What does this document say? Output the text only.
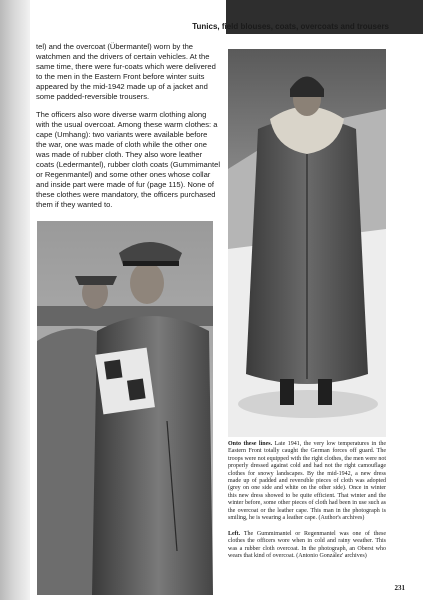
Tunics, field blouses, coats, overcoats and trousers

tel) and the overcoat (Übermantel) worn by the watchmen and the drivers of certain vehicles. At the same time, there were fur-coats which were delivered to the men in the Eastern Front before winter suits appeared by the mid-1942 made up of a jacket and some padded-reversible trousers.

The officers also wore diverse warm clothing along with the usual overcoat. Among these warm clothes: a cape (Umhang): two variants were available before the war, one was made of cloth while the other one was made of rubber cloth. They also wore leather coats (Ledermantel), rubber cloth coats (Gummimantel or Regenmantel) and some other ones whose collar and inside part were made of fur (page 115). None of these clothes were mandatory, the officers purchased them if they wanted to.

Onto these lines. Late 1941, the very low temperatures in the Eastern Front totally caught the German forces off guard. The troops were not equipped with the right clothes, the men were not properly dressed against cold and had not the right camouflage clothes for snowy landscapes. By the mid-1942, a new dress made up of padded and reversible pieces of cloth was adopted (grey on one side and white on the other side). Once in winter this new dress showed to be quite efficient. That winter and the winter before, some other pieces of cloth had been in use such as the overcoat or the leather cape. This man in the photograph is smiling, he is wearing a leather cape. (Author's archives)
Left. The Gummimantel or Regenmantel was one of these clothes the officers wore when in cold and rainy weather. This was a rubber cloth overcoat. In the photograph, an Oberst who wears that kind of overcoat. (Antonio González' archives)
231
